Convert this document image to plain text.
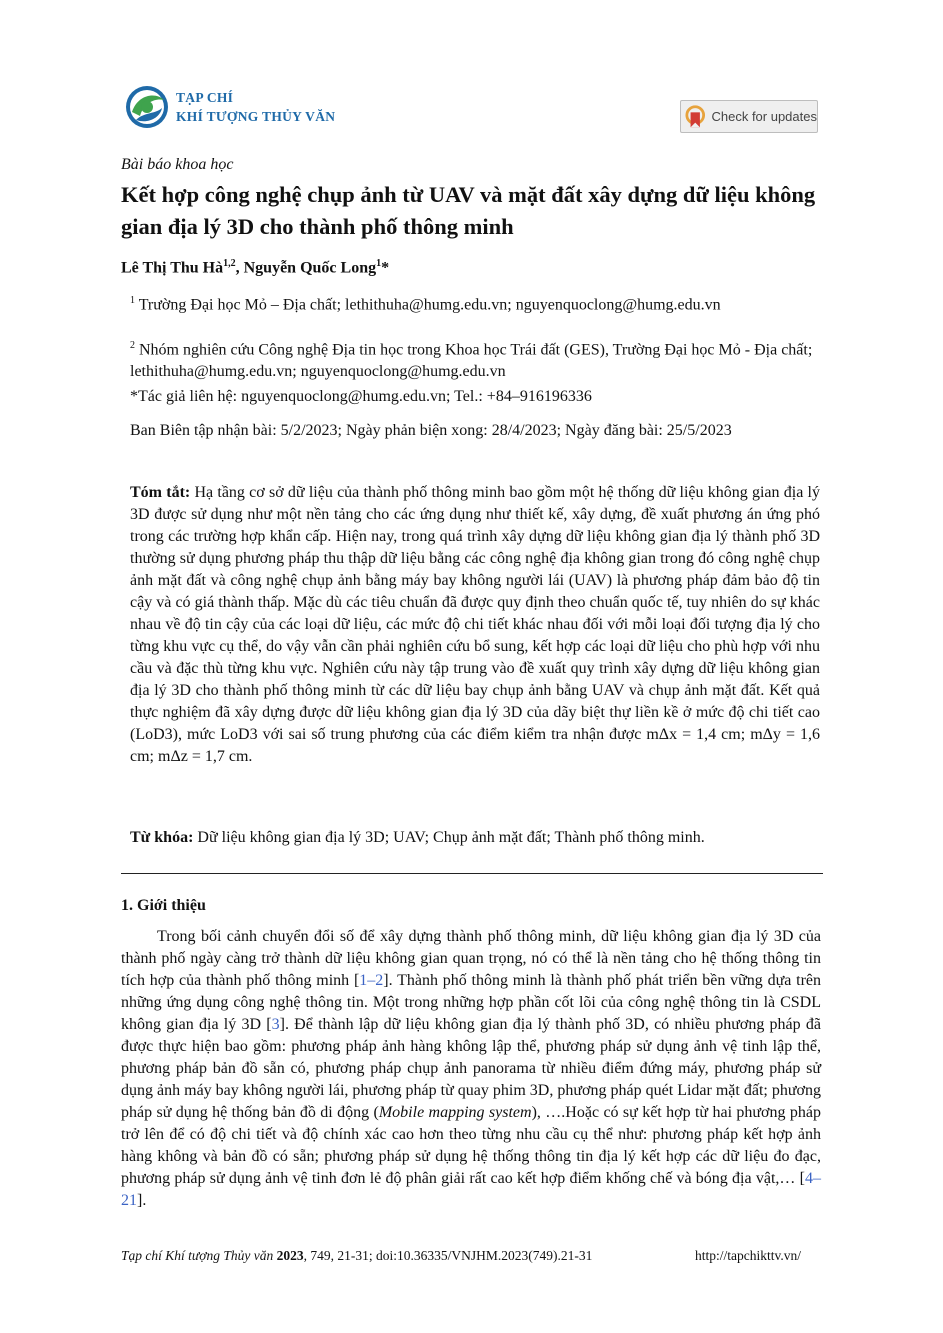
TẠP CHÍ
KHÍ TƯỢNG THỦY VĂN	Check for updates
Bài báo khoa học
Kết hợp công nghệ chụp ảnh từ UAV và mặt đất xây dựng dữ liệu không gian địa lý 3D cho thành phố thông minh
Lê Thị Thu Hà$^{1,2}$, Nguyễn Quốc Long$^1$*
$^1$ Trường Đại học Mỏ – Địa chất; lethithuha@humg.edu.vn; nguyenquoclong@humg.edu.vn
$^2$ Nhóm nghiên cứu Công nghệ Địa tin học trong Khoa học Trái đất (GES), Trường Đại học Mỏ - Địa chất; lethithuha@humg.edu.vn; nguyenquoclong@humg.edu.vn
*Tác giả liên hệ: nguyenquoclong@humg.edu.vn; Tel.: +84–916196336
Ban Biên tập nhận bài: 5/2/2023; Ngày phản biện xong: 28/4/2023; Ngày đăng bài: 25/5/2023
Tóm tắt: Hạ tầng cơ sở dữ liệu của thành phố thông minh bao gồm một hệ thống dữ liệu không gian địa lý 3D được sử dụng như một nền tảng cho các ứng dụng như thiết kế, xây dựng, đề xuất phương án ứng phó trong các trường hợp khẩn cấp. Hiện nay, trong quá trình xây dựng dữ liệu không gian địa lý thành phố 3D thường sử dụng phương pháp thu thập dữ liệu bằng các công nghệ địa không gian trong đó công nghệ chụp ảnh mặt đất và công nghệ chụp ảnh bằng máy bay không người lái (UAV) là phương pháp đảm bảo độ tin cậy và có giá thành thấp. Mặc dù các tiêu chuẩn đã được quy định theo chuẩn quốc tế, tuy nhiên do sự khác nhau về độ tin cậy của các loại dữ liệu, các mức độ chi tiết khác nhau đối với mỗi loại đối tượng địa lý cho từng khu vực cụ thể, do vậy vẫn cần phải nghiên cứu bổ sung, kết hợp các loại dữ liệu cho phù hợp với nhu cầu và đặc thù từng khu vực. Nghiên cứu này tập trung vào đề xuất quy trình xây dựng dữ liệu không gian địa lý 3D cho thành phố thông minh từ các dữ liệu bay chụp ảnh bằng UAV và chụp ảnh mặt đất. Kết quả thực nghiệm đã xây dựng được dữ liệu không gian địa lý 3D của dãy biệt thự liền kề ở mức độ chi tiết cao (LoD3), mức LoD3 với sai số trung phương của các điểm kiểm tra nhận được mΔx = 1,4 cm; mΔy = 1,6 cm; mΔz = 1,7 cm.
Từ khóa: Dữ liệu không gian địa lý 3D; UAV; Chụp ảnh mặt đất; Thành phố thông minh.
1. Giới thiệu
Trong bối cảnh chuyển đổi số để xây dựng thành phố thông minh, dữ liệu không gian địa lý 3D của thành phố ngày càng trở thành dữ liệu không gian quan trọng, nó có thể là nền tảng cho hệ thống thông tin tích hợp của thành phố thông minh [1–2]. Thành phố thông minh là thành phố phát triển bền vững dựa trên những ứng dụng công nghệ thông tin. Một trong những hợp phần cốt lõi của công nghệ thông tin là CSDL không gian địa lý 3D [3]. Để thành lập dữ liệu không gian địa lý thành phố 3D, có nhiều phương pháp đã được thực hiện bao gồm: phương pháp ảnh hàng không lập thể, phương pháp sử dụng ảnh vệ tinh lập thể, phương pháp bản đồ sẵn có, phương pháp chụp ảnh panorama từ nhiều điểm đứng máy, phương pháp sử dụng ảnh máy bay không người lái, phương pháp từ quay phim 3D, phương pháp quét Lidar mặt đất; phương pháp sử dụng hệ thống bản đồ di động (Mobile mapping system), ….Hoặc có sự kết hợp từ hai phương pháp trở lên để có độ chi tiết và độ chính xác cao hơn theo từng nhu cầu cụ thể như: phương pháp kết hợp ảnh hàng không và bản đồ có sẵn; phương pháp sử dụng hệ thống thông tin địa lý kết hợp các dữ liệu đo đạc, phương pháp sử dụng ảnh vệ tinh đơn lẻ độ phân giải rất cao kết hợp điểm khống chế và bóng địa vật,… [4–21].
Tạp chí Khí tượng Thủy văn 2023, 749, 21-31; doi:10.36335/VNJHM.2023(749).21-31	http://tapchikttv.vn/
